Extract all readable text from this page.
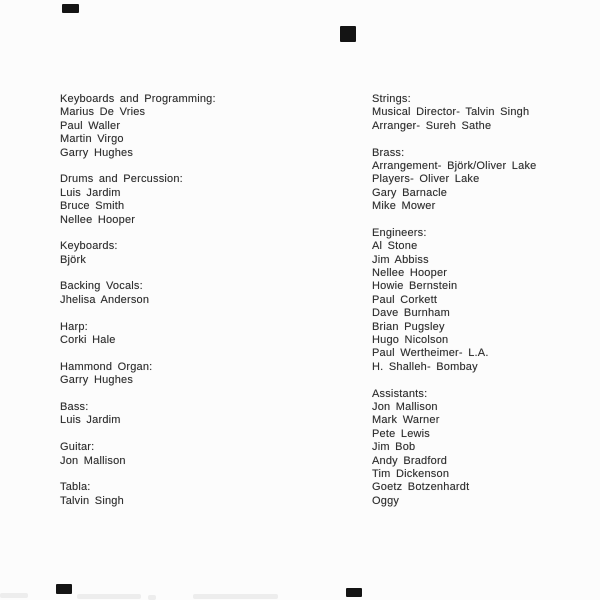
Keyboards and Programming:
Marius De Vries
Paul Waller
Martin Virgo
Garry Hughes
Drums and Percussion:
Luis Jardim
Bruce Smith
Nellee Hooper
Keyboards:
Björk
Backing Vocals:
Jhelisa Anderson
Harp:
Corki Hale
Hammond Organ:
Garry Hughes
Bass:
Luis Jardim
Guitar:
Jon Mallison
Tabla:
Talvin Singh
Strings:
Musical Director- Talvin Singh
Arranger- Sureh Sathe
Brass:
Arrangement- Björk/Oliver Lake
Players- Oliver Lake
Gary Barnacle
Mike Mower
Engineers:
Al Stone
Jim Abbiss
Nellee Hooper
Howie Bernstein
Paul Corkett
Dave Burnham
Brian Pugsley
Hugo Nicolson
Paul Wertheimer- L.A.
H. Shalleh- Bombay
Assistants:
Jon Mallison
Mark Warner
Pete Lewis
Jim Bob
Andy Bradford
Tim Dickenson
Goetz Botzenhardt
Oggy
